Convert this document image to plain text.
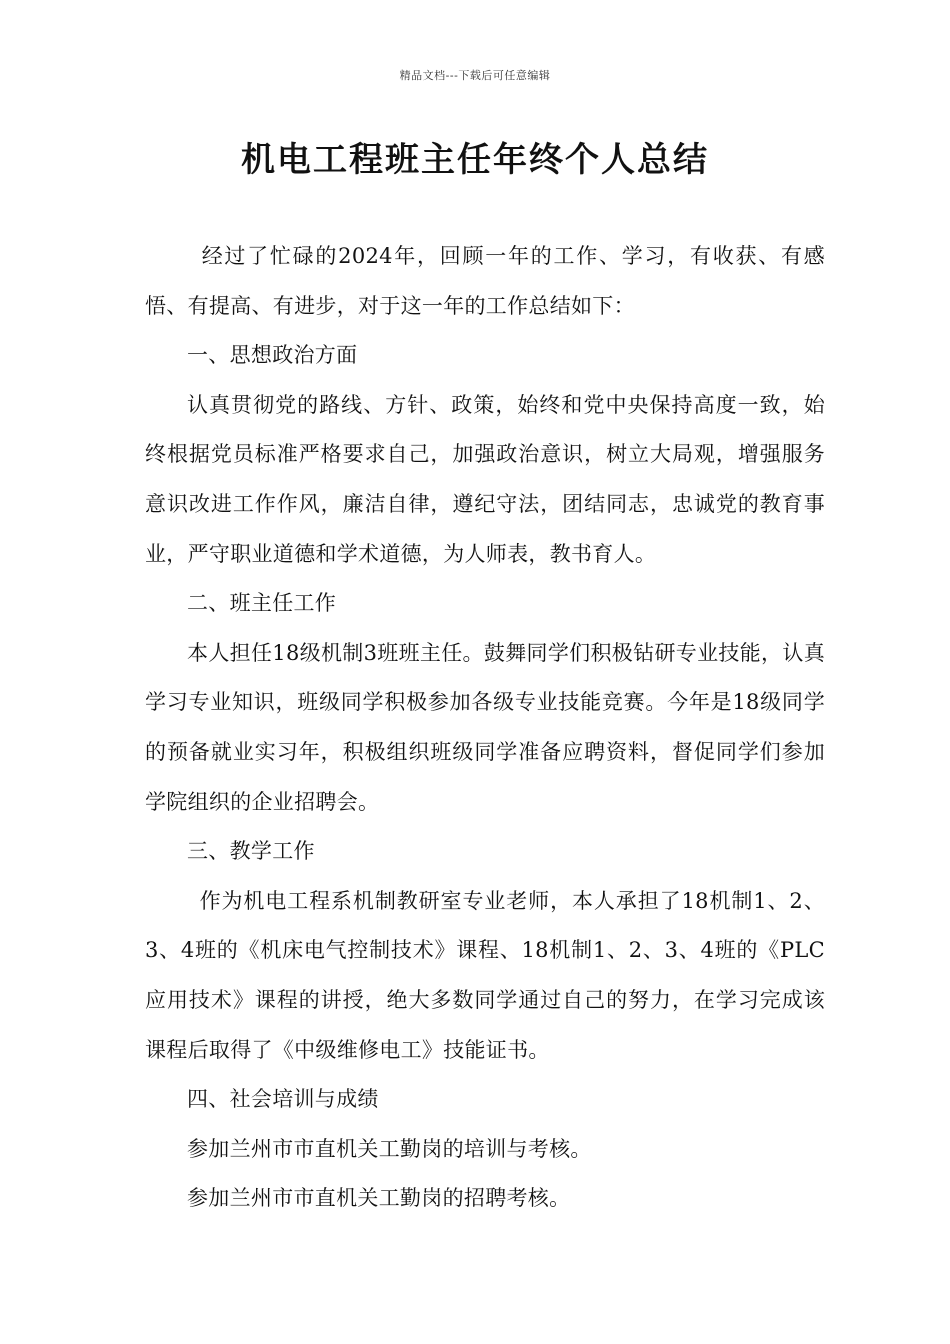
精品文档---下载后可任意编辑
机电工程班主任年终个人总结

经过了忙碌的2024年，回顾一年的工作、学习，有收获、有感悟、有提高、有进步，对于这一年的工作总结如下：

一、思想政治方面

认真贯彻党的路线、方针、政策，始终和党中央保持高度一致，始终根据党员标准严格要求自己，加强政治意识，树立大局观，增强服务意识改进工作作风，廉洁自律，遵纪守法，团结同志，忠诚党的教育事业，严守职业道德和学术道德，为人师表，教书育人。

二、班主任工作

本人担任18级机制3班班主任。鼓舞同学们积极钻研专业技能，认真学习专业知识，班级同学积极参加各级专业技能竞赛。今年是18级同学的预备就业实习年，积极组织班级同学准备应聘资料，督促同学们参加学院组织的企业招聘会。

三、教学工作

作为机电工程系机制教研室专业老师，本人承担了18机制1、2、3、4班的《机床电气控制技术》课程、18机制1、2、3、4班的《PLC应用技术》课程的讲授，绝大多数同学通过自己的努力，在学习完成该课程后取得了《中级维修电工》技能证书。

四、社会培训与成绩

参加兰州市市直机关工勤岗的培训与考核。

参加兰州市市直机关工勤岗的招聘考核。
